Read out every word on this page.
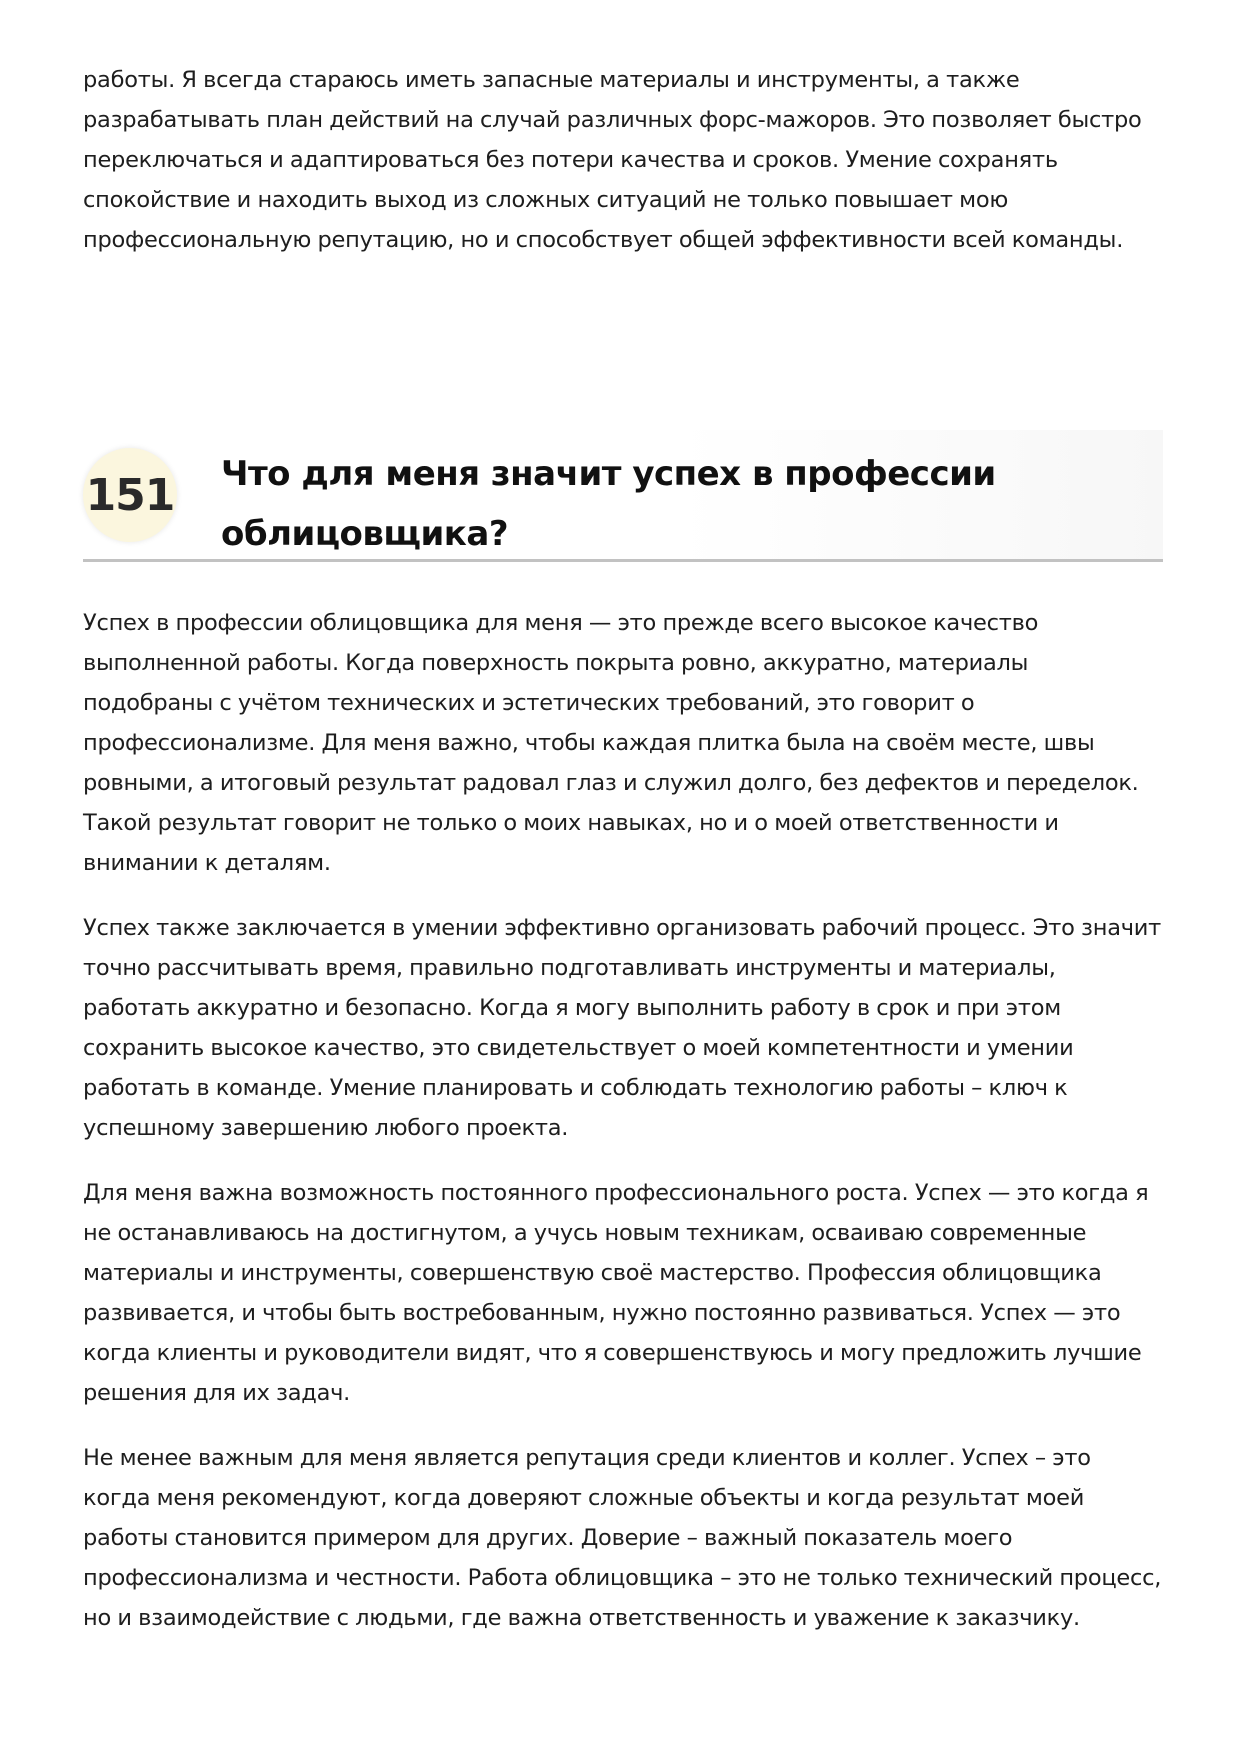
работы. Я всегда стараюсь иметь запасные материалы и инструменты, а также разрабатывать план действий на случай различных форс-мажоров. Это позволяет быстро переключаться и адаптироваться без потери качества и сроков. Умение сохранять спокойствие и находить выход из сложных ситуаций не только повышает мою профессиональную репутацию, но и способствует общей эффективности всей команды.

151 Что для меня значит успех в профессии облицовщика?

Успех в профессии облицовщика для меня — это прежде всего высокое качество выполненной работы. Когда поверхность покрыта ровно, аккуратно, материалы подобраны с учётом технических и эстетических требований, это говорит о профессионализме. Для меня важно, чтобы каждая плитка была на своём месте, швы ровными, а итоговый результат радовал глаз и служил долго, без дефектов и переделок. Такой результат говорит не только о моих навыках, но и о моей ответственности и внимании к деталям.

Успех также заключается в умении эффективно организовать рабочий процесс. Это значит точно рассчитывать время, правильно подготавливать инструменты и материалы, работать аккуратно и безопасно. Когда я могу выполнить работу в срок и при этом сохранить высокое качество, это свидетельствует о моей компетентности и умении работать в команде. Умение планировать и соблюдать технологию работы – ключ к успешному завершению любого проекта.

Для меня важна возможность постоянного профессионального роста. Успех — это когда я не останавливаюсь на достигнутом, а учусь новым техникам, осваиваю современные материалы и инструменты, совершенствую своё мастерство. Профессия облицовщика развивается, и чтобы быть востребованным, нужно постоянно развиваться. Успех — это когда клиенты и руководители видят, что я совершенствуюсь и могу предложить лучшие решения для их задач.

Не менее важным для меня является репутация среди клиентов и коллег. Успех – это когда меня рекомендуют, когда доверяют сложные объекты и когда результат моей работы становится примером для других. Доверие – важный показатель моего профессионализма и честности. Работа облицовщика – это не только технический процесс, но и взаимодействие с людьми, где важна ответственность и уважение к заказчику.
